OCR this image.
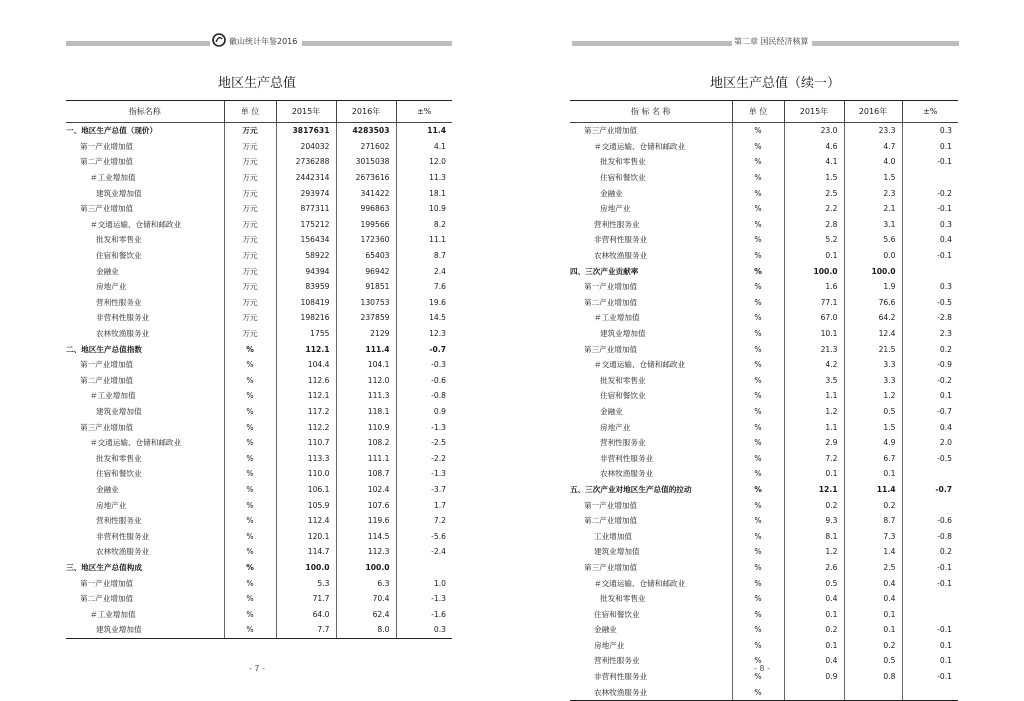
徽山统计年鉴2016
地区生产总值
指标名称	单 位	2015年	2016年	±%
一、地区生产总值（现价）	万元	3817631	4283503	11.4
第一产业增加值	万元	204032	271602	4.1
第二产业增加值	万元	2736288	3015038	12.0
＃工业增加值	万元	2442314	2673616	11.3
建筑业增加值	万元	293974	341422	18.1
第三产业增加值	万元	877311	996863	10.9
＃交通运输、仓储和邮政业	万元	175212	199566	8.2
批发和零售业	万元	156434	172360	11.1
住宿和餐饮业	万元	58922	65403	8.7
金融业	万元	94394	96942	2.4
房地产业	万元	83959	91851	7.6
营利性服务业	万元	108419	130753	19.6
非营利性服务业	万元	198216	237859	14.5
农林牧渔服务业	万元	1755	2129	12.3
二、地区生产总值指数	%	112.1	111.4	-0.7
第一产业增加值	%	104.4	104.1	-0.3
第二产业增加值	%	112.6	112.0	-0.6
＃工业增加值	%	112.1	111.3	-0.8
建筑业增加值	%	117.2	118.1	0.9
第三产业增加值	%	112.2	110.9	-1.3
＃交通运输、仓储和邮政业	%	110.7	108.2	-2.5
批发和零售业	%	113.3	111.1	-2.2
住宿和餐饮业	%	110.0	108.7	-1.3
金融业	%	106.1	102.4	-3.7
房地产业	%	105.9	107.6	1.7
营利性服务业	%	112.4	119.6	7.2
非营利性服务业	%	120.1	114.5	-5.6
农林牧渔服务业	%	114.7	112.3	-2.4
三、地区生产总值构成	%	100.0	100.0	
第一产业增加值	%	5.3	6.3	1.0
第二产业增加值	%	71.7	70.4	-1.3
＃工业增加值	%	64.0	62.4	-1.6
建筑业增加值	%	7.7	8.0	0.3
- 7 -
第二章 国民经济核算
地区生产总值（续一）
指 标 名 称	单 位	2015年	2016年	±%
第三产业增加值	%	23.0	23.3	0.3
＃交通运输、仓储和邮政业	%	4.6	4.7	0.1
批发和零售业	%	4.1	4.0	-0.1
住宿和餐饮业	%	1.5	1.5	
金融业	%	2.5	2.3	-0.2
房地产业	%	2.2	2.1	-0.1
营利性服务业	%	2.8	3.1	0.3
非营利性服务业	%	5.2	5.6	0.4
农林牧渔服务业	%	0.1	0.0	-0.1
四、三次产业贡献率	%	100.0	100.0	
第一产业增加值	%	1.6	1.9	0.3
第二产业增加值	%	77.1	76.6	-0.5
＃工业增加值	%	67.0	64.2	-2.8
建筑业增加值	%	10.1	12.4	2.3
第三产业增加值	%	21.3	21.5	0.2
＃交通运输、仓储和邮政业	%	4.2	3.3	-0.9
批发和零售业	%	3.5	3.3	-0.2
住宿和餐饮业	%	1.1	1.2	0.1
金融业	%	1.2	0.5	-0.7
房地产业	%	1.1	1.5	0.4
营利性服务业	%	2.9	4.9	2.0
非营利性服务业	%	7.2	6.7	-0.5
农林牧渔服务业	%	0.1	0.1	
五、三次产业对地区生产总值的拉动	%	12.1	11.4	-0.7
第一产业增加值	%	0.2	0.2	
第二产业增加值	%	9.3	8.7	-0.6
工业增加值	%	8.1	7.3	-0.8
建筑业增加值	%	1.2	1.4	0.2
第三产业增加值	%	2.6	2.5	-0.1
＃交通运输、仓储和邮政业	%	0.5	0.4	-0.1
批发和零售业	%	0.4	0.4	
住宿和餐饮业	%	0.1	0.1	
金融业	%	0.2	0.1	-0.1
房地产业	%	0.1	0.2	0.1
营利性服务业	%	0.4	0.5	0.1
非营利性服务业	%	0.9	0.8	-0.1
农林牧渔服务业	%			
- 8 -
